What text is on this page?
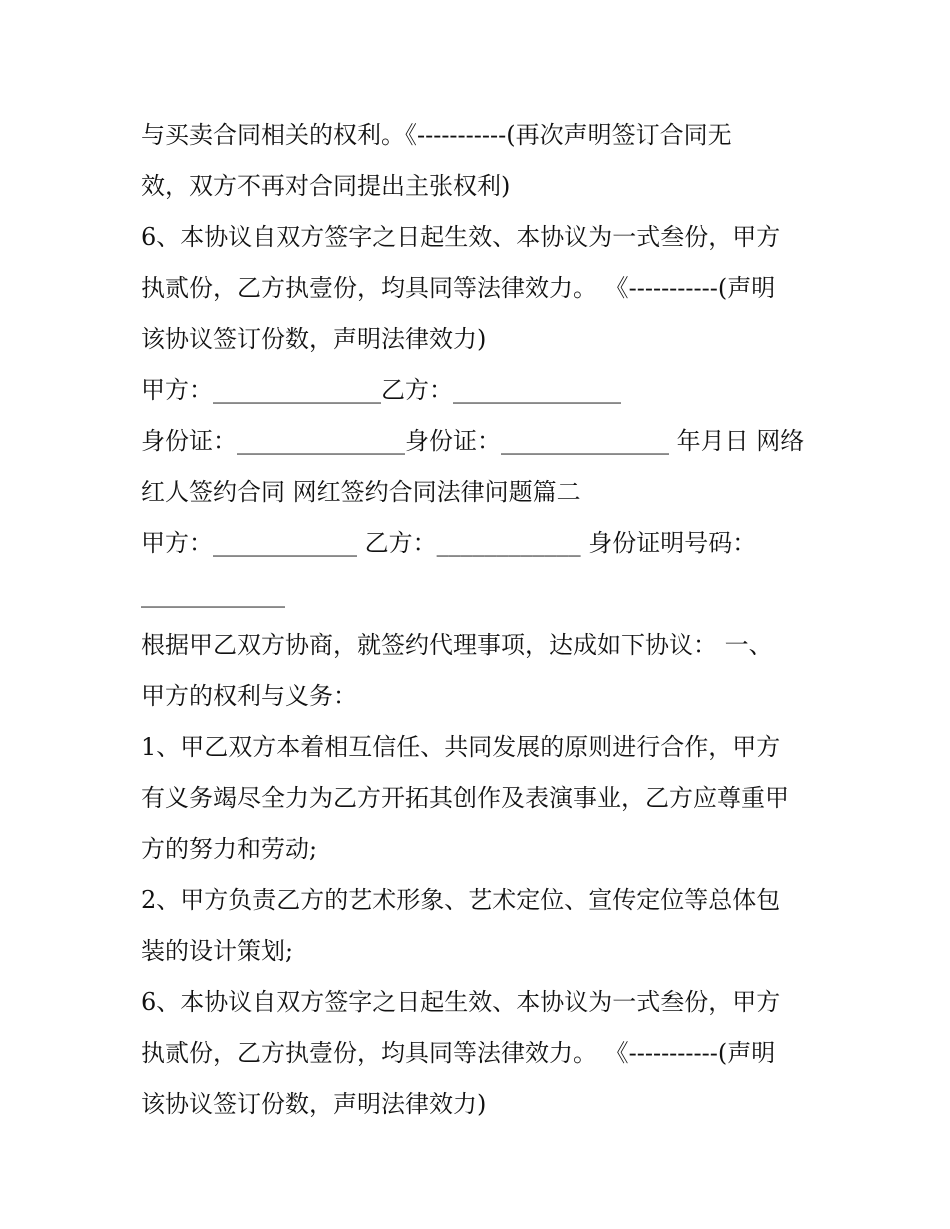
与买卖合同相关的权利。《-----------(再次声明签订合同无
效，双方不再对合同提出主张权利)
6、本协议自双方签字之日起生效、本协议为一式叁份，甲方
执贰份，乙方执壹份，均具同等法律效力。 《-----------(声明
该协议签订份数，声明法律效力)
甲方：______________乙方：______________
身份证：______________身份证：______________ 年月日 网络
红人签约合同 网红签约合同法律问题篇二
甲方：____________ 乙方：____________ 身份证明号码：
____________
根据甲乙双方协商，就签约代理事项，达成如下协议： 一、
甲方的权利与义务：
1、甲乙双方本着相互信任、共同发展的原则进行合作，甲方
有义务竭尽全力为乙方开拓其创作及表演事业，乙方应尊重甲
方的努力和劳动;
2、甲方负责乙方的艺术形象、艺术定位、宣传定位等总体包
装的设计策划;
6、本协议自双方签字之日起生效、本协议为一式叁份，甲方
执贰份，乙方执壹份，均具同等法律效力。 《-----------(声明
该协议签订份数，声明法律效力)
